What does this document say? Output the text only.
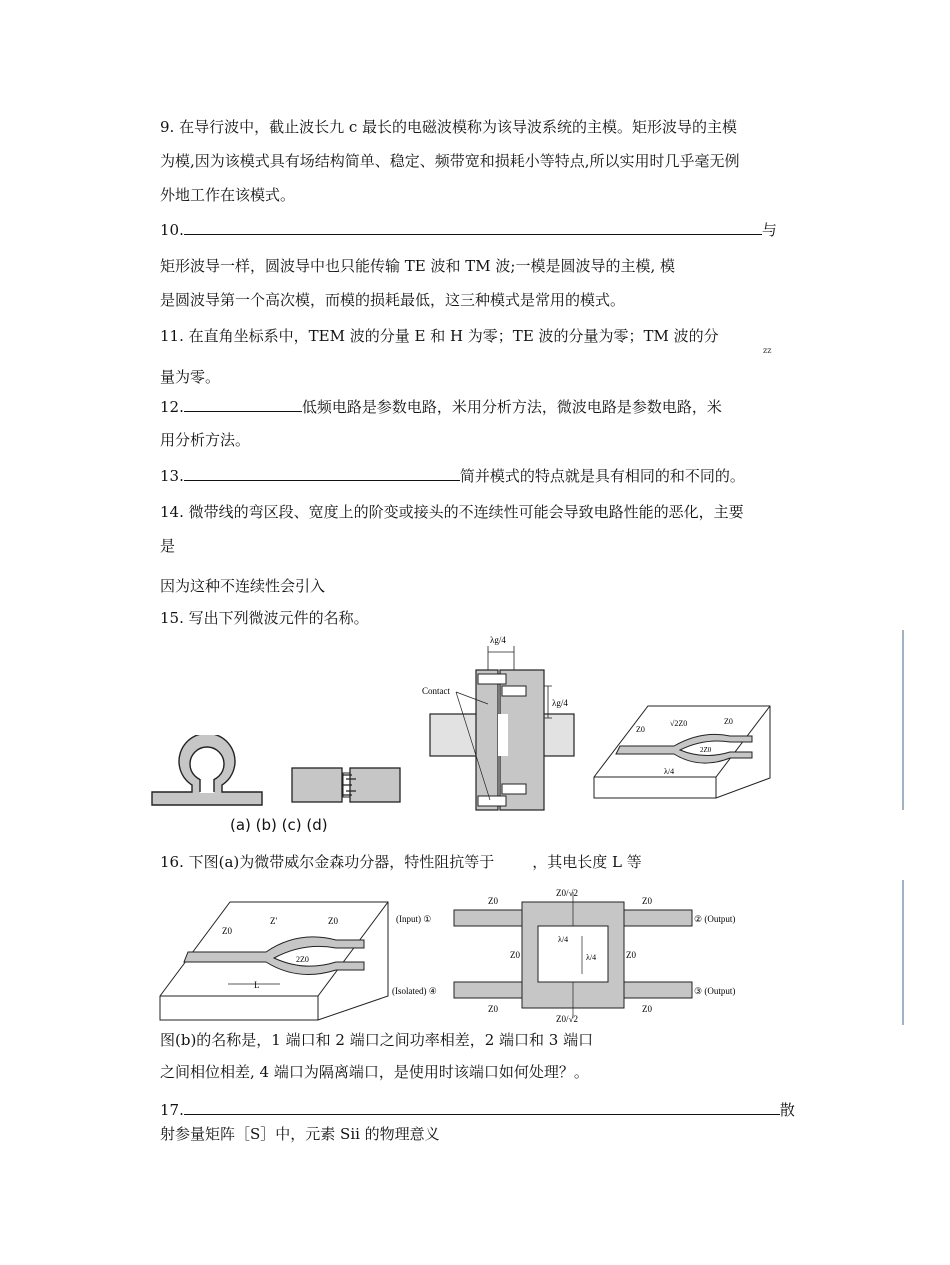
9. 在导行波中，截止波长九 c 最长的电磁波模称为该导波系统的主模。矩形波导的主模
为模,因为该模式具有场结构简单、稳定、频带宽和损耗小等特点,所以实用时几乎毫无例
外地工作在该模式。
10.	与
矩形波导一样，圆波导中也只能传输 TE 波和 TM 波;一模是圆波导的主模, 模
是圆波导第一个高次模，而模的损耗最低，这三种模式是常用的模式。
11. 在直角坐标系中，TEM 波的分量 E 和 H 为零；TE 波的分量为零；TM 波的分
zz
量为零。
12.	低频电路是参数电路，米用分析方法，微波电路是参数电路，米
用分析方法。
13.	简并模式的特点就是具有相同的和不同的。
14. 微带线的弯区段、宽度上的阶变或接头的不连续性可能会导致电路性能的恶化，主要
是
因为这种不连续性会引入
15. 写出下列微波元件的名称。
λg/4
λg/4
Contact
Z0
√2Z0	Z0
2Z0
λ/4
(a) (b) (c) (d)
16. 下图(a)为微带威尔金森功分器，特性阻抗等于	，其电长度 L 等
Z0
Z'	Z0
2Z0
L
(Input) ①
(Isolated) ④
② (Output)
③ (Output)
Z0	Z0
Z0	Z0
Z0/√2
Z0/√2
Z0	Z0
λ/4
λ/4
图(b)的名称是，1 端口和 2 端口之间功率相差，2 端口和 3 端口
之间相位相差, 4 端口为隔离端口，是使用时该端口如何处理？。
17.	散
射参量矩阵［S］中，元素 Sii 的物理意义
